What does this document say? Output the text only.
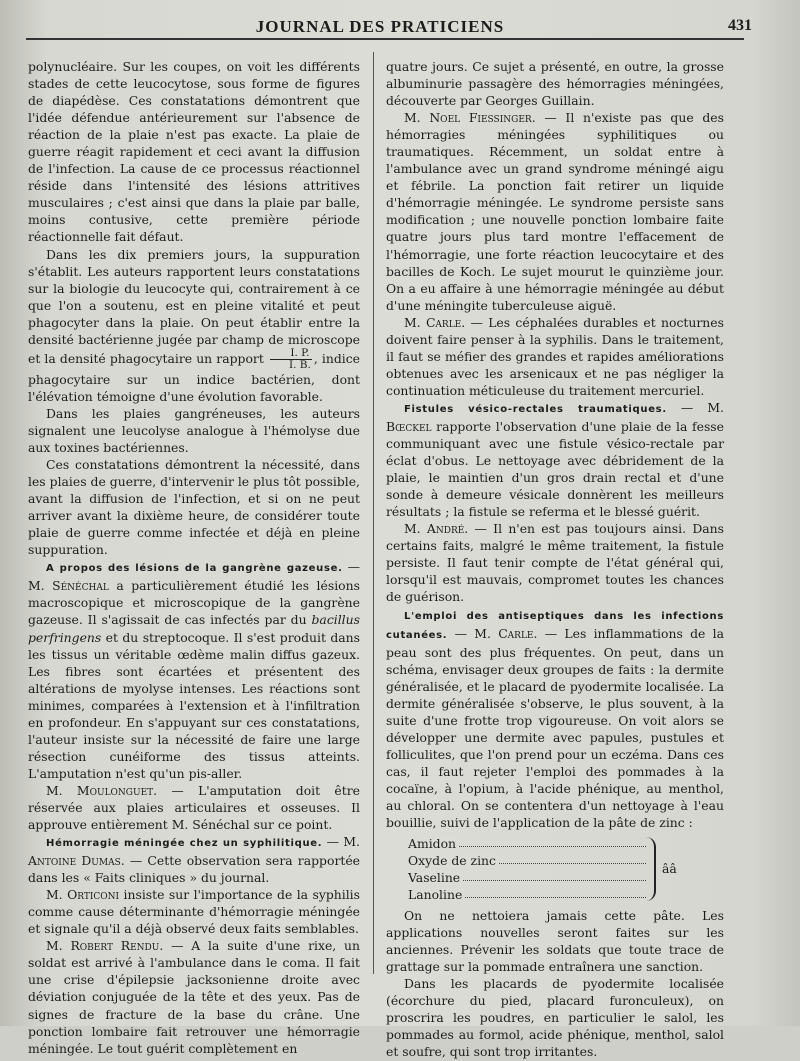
JOURNAL DES PRATICIENS	431

polynucléaire. Sur les coupes, on voit les différents stades de cette leucocytose, sous forme de figures de diapédèse. Ces constatations démontrent que l'idée défendue antérieurement sur l'absence de réaction de la plaie n'est pas exacte. La plaie de guerre réagit rapidement et ceci avant la diffusion de l'infection. La cause de ce processus réactionnel réside dans l'intensité des lésions attritives musculaires ; c'est ainsi que dans la plaie par balle, moins contusive, cette première période réactionnelle fait défaut.

Dans les dix premiers jours, la suppuration s'établit. Les auteurs rapportent leurs constatations sur la biologie du leucocyte qui, contrairement à ce que l'on a soutenu, est en pleine vitalité et peut phagocyter dans la plaie. On peut établir entre la densité bactérienne jugée par champ de microscope et la densité phagocytaire un rapport $\frac{I. P.}{I. B.}$ , indice phagocytaire sur un indice bactérien, dont l'élévation témoigne d'une évolution favorable.

Dans les plaies gangréneuses, les auteurs signalent une leucolyse analogue à l'hémolyse due aux toxines bactériennes.

Ces constatations démontrent la nécessité, dans les plaies de guerre, d'intervenir le plus tôt possible, avant la diffusion de l'infection, et si on ne peut arriver avant la dixième heure, de considérer toute plaie de guerre comme infectée et déjà en pleine suppuration.

A propos des lésions de la gangrène gazeuse. — M. Sénéchal a particulièrement étudié les lésions macroscopique et microscopique de la gangrène gazeuse. Il s'agissait de cas infectés par du bacillus perfringens et du streptocoque. Il s'est produit dans les tissus un véritable œdème malin diffus gazeux. Les fibres sont écartées et présentent des altérations de myolyse intenses. Les réactions sont minimes, comparées à l'extension et à l'infiltration en profondeur. En s'appuyant sur ces constatations, l'auteur insiste sur la nécessité de faire une large résection cunéiforme des tissus atteints. L'amputation n'est qu'un pis-aller.

M. Moulonguet. — L'amputation doit être réservée aux plaies articulaires et osseuses. Il approuve entièrement M. Sénéchal sur ce point.

Hémorragie méningée chez un syphilitique. — M. Antoine Dumas. — Cette observation sera rapportée dans les « Faits cliniques » du journal.

M. Orticoni insiste sur l'importance de la syphilis comme cause déterminante d'hémorragie méningée et signale qu'il a déjà observé deux faits semblables.

M. Robert Rendu. — A la suite d'une rixe, un soldat est arrivé à l'ambulance dans le coma. Il fait une crise d'épilepsie jacksonienne droite avec déviation conjuguée de la tête et des yeux. Pas de signes de fracture de la base du crâne. Une ponction lombaire fait retrouver une hémorragie méningée. Le tout guérit complètement en

quatre jours. Ce sujet a présenté, en outre, la grosse albuminurie passagère des hémorragies méningées, découverte par Georges Guillain.

M. Noel Fiessinger. — Il n'existe pas que des hémorragies méningées syphilitiques ou traumatiques. Récemment, un soldat entre à l'ambulance avec un grand syndrome méningé aigu et fébrile. La ponction fait retirer un liquide d'hémorragie méningée. Le syndrome persiste sans modification ; une nouvelle ponction lombaire faite quatre jours plus tard montre l'effacement de l'hémorragie, une forte réaction leucocytaire et des bacilles de Koch. Le sujet mourut le quinzième jour. On a eu affaire à une hémorragie méningée au début d'une méningite tuberculeuse aiguë.

M. Carle. — Les céphalées durables et nocturnes doivent faire penser à la syphilis. Dans le traitement, il faut se méfier des grandes et rapides améliorations obtenues avec les arsenicaux et ne pas négliger la continuation méticuleuse du traitement mercuriel.

Fistules vésico-rectales traumatiques. — M. Bœckel rapporte l'observation d'une plaie de la fesse communiquant avec une fistule vésico-rectale par éclat d'obus. Le nettoyage avec débridement de la plaie, le maintien d'un gros drain rectal et d'une sonde à demeure vésicale donnèrent les meilleurs résultats ; la fistule se referma et le blessé guérit.

M. André. — Il n'en est pas toujours ainsi. Dans certains faits, malgré le même traitement, la fistule persiste. Il faut tenir compte de l'état général qui, lorsqu'il est mauvais, compromet toutes les chances de guérison.

L'emploi des antiseptiques dans les infections cutanées. — M. Carle. — Les inflammations de la peau sont des plus fréquentes. On peut, dans un schéma, envisager deux groupes de faits : la dermite généralisée, et le placard de pyodermite localisée. La dermite généralisée s'observe, le plus souvent, à la suite d'une frotte trop vigoureuse. On voit alors se développer une dermite avec papules, pustules et folliculites, que l'on prend pour un eczéma. Dans ces cas, il faut rejeter l'emploi des pommades à la cocaïne, à l'opium, à l'acide phénique, au menthol, au chloral. On se contentera d'un nettoyage à l'eau bouillie, suivi de l'application de la pâte de zinc :

Amidon
Oxyde de zinc
Vaseline
Lanoline
ââ

On ne nettoiera jamais cette pâte. Les applications nouvelles seront faites sur les anciennes. Prévenir les soldats que toute trace de grattage sur la pommade entraînera une sanction.

Dans les placards de pyodermite localisée (écorchure du pied, placard furonculeux), on proscrira les poudres, en particulier le salol, les pommades au formol, acide phénique, menthol, salol et soufre, qui sont trop irritantes.
